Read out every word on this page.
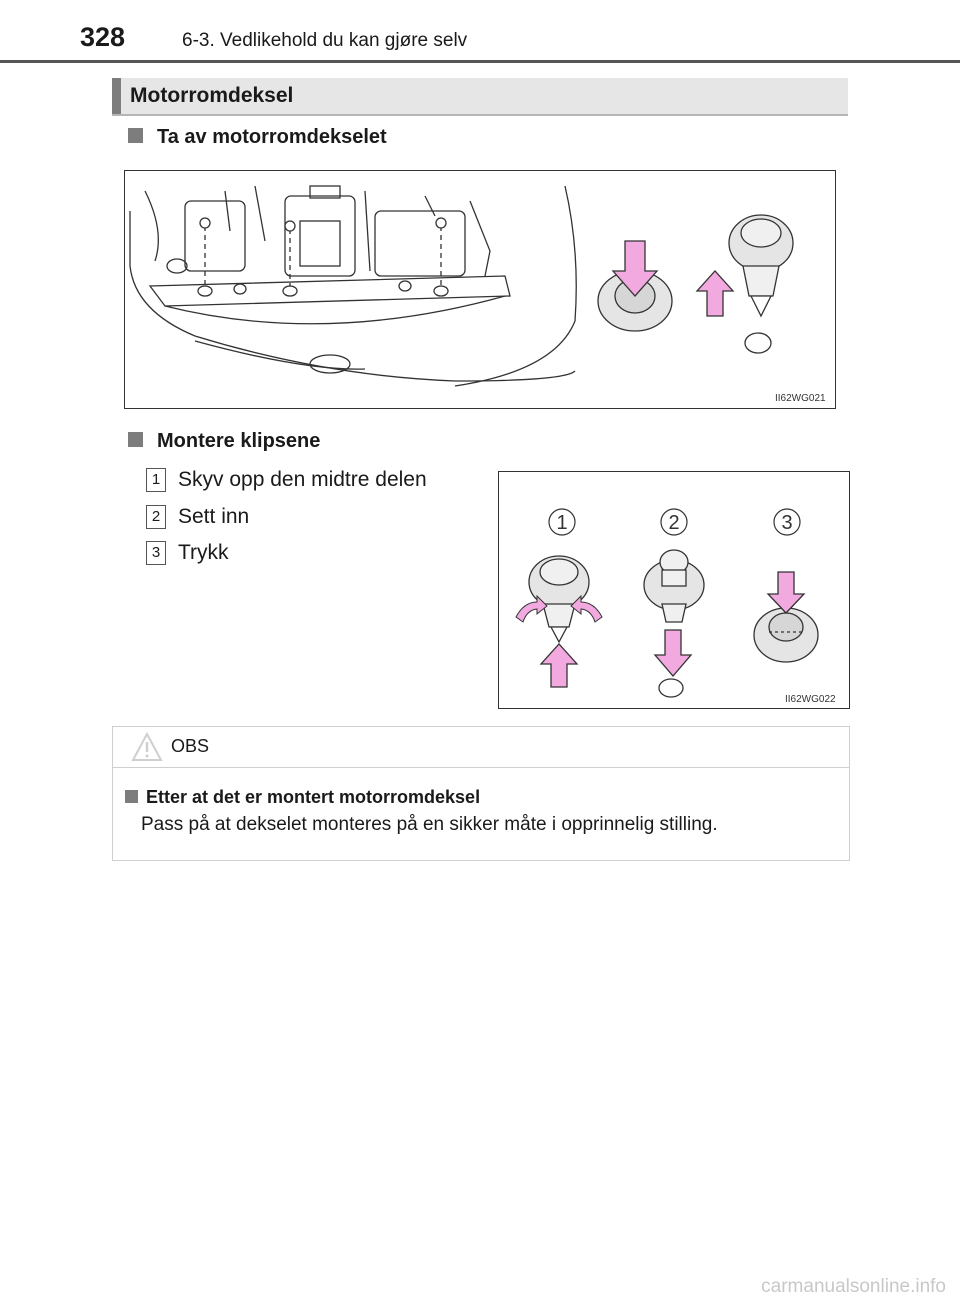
328	6-3. Vedlikehold du kan gjøre selv
Motorromdeksel
Ta av motorromdekselet
II62WG021
Montere klipsene
1 Skyv opp den midtre delen
2 Sett inn
3 Trykk
1	2	3
II62WG022
OBS
Etter at det er montert motorromdeksel
Pass på at dekselet monteres på en sikker måte i opprinnelig stilling.
carmanualsonline.info
